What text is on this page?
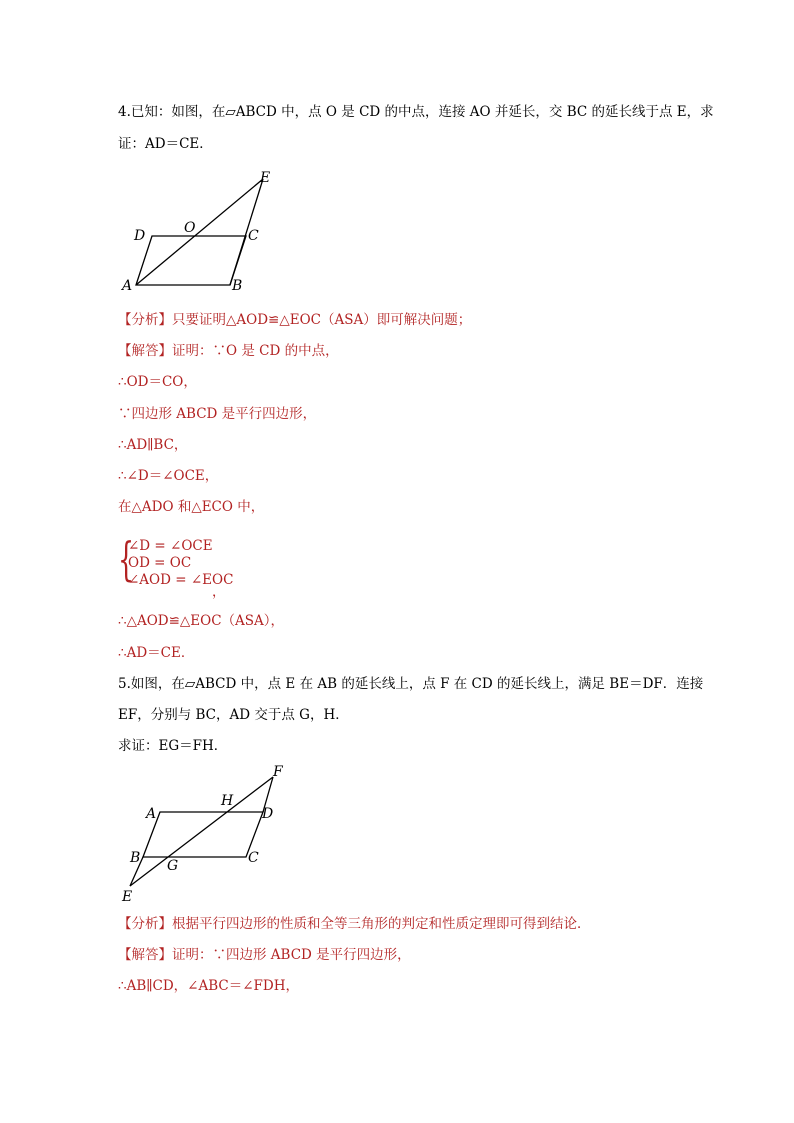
4.已知：如图，在▱ABCD 中，点 O 是 CD 的中点，连接 AO 并延长，交 BC 的延长线于点 E，求
证：AD＝CE．
E
D	O	C
A	B
【分析】只要证明△AOD≌△EOC（ASA）即可解决问题；
【解答】证明：∵O 是 CD 的中点，
∴OD＝CO，
∵四边形 ABCD 是平行四边形，
∴AD∥BC，
∴∠D＝∠OCE，
在△ADO 和△ECO 中，
{
∠D = ∠OCE
OD = OC
∠AOD = ∠EOC
，
∴△AOD≌△EOC（ASA），
∴AD＝CE．
5.如图，在▱ABCD 中，点 E 在 AB 的延长线上，点 F 在 CD 的延长线上，满足 BE＝DF．连接
EF，分别与 BC，AD 交于点 G，H．
求证：EG＝FH．
F
H
A	D
B G	C
E
【分析】根据平行四边形的性质和全等三角形的判定和性质定理即可得到结论．
【解答】证明：∵四边形 ABCD 是平行四边形，
∴AB∥CD，∠ABC＝∠FDH，
